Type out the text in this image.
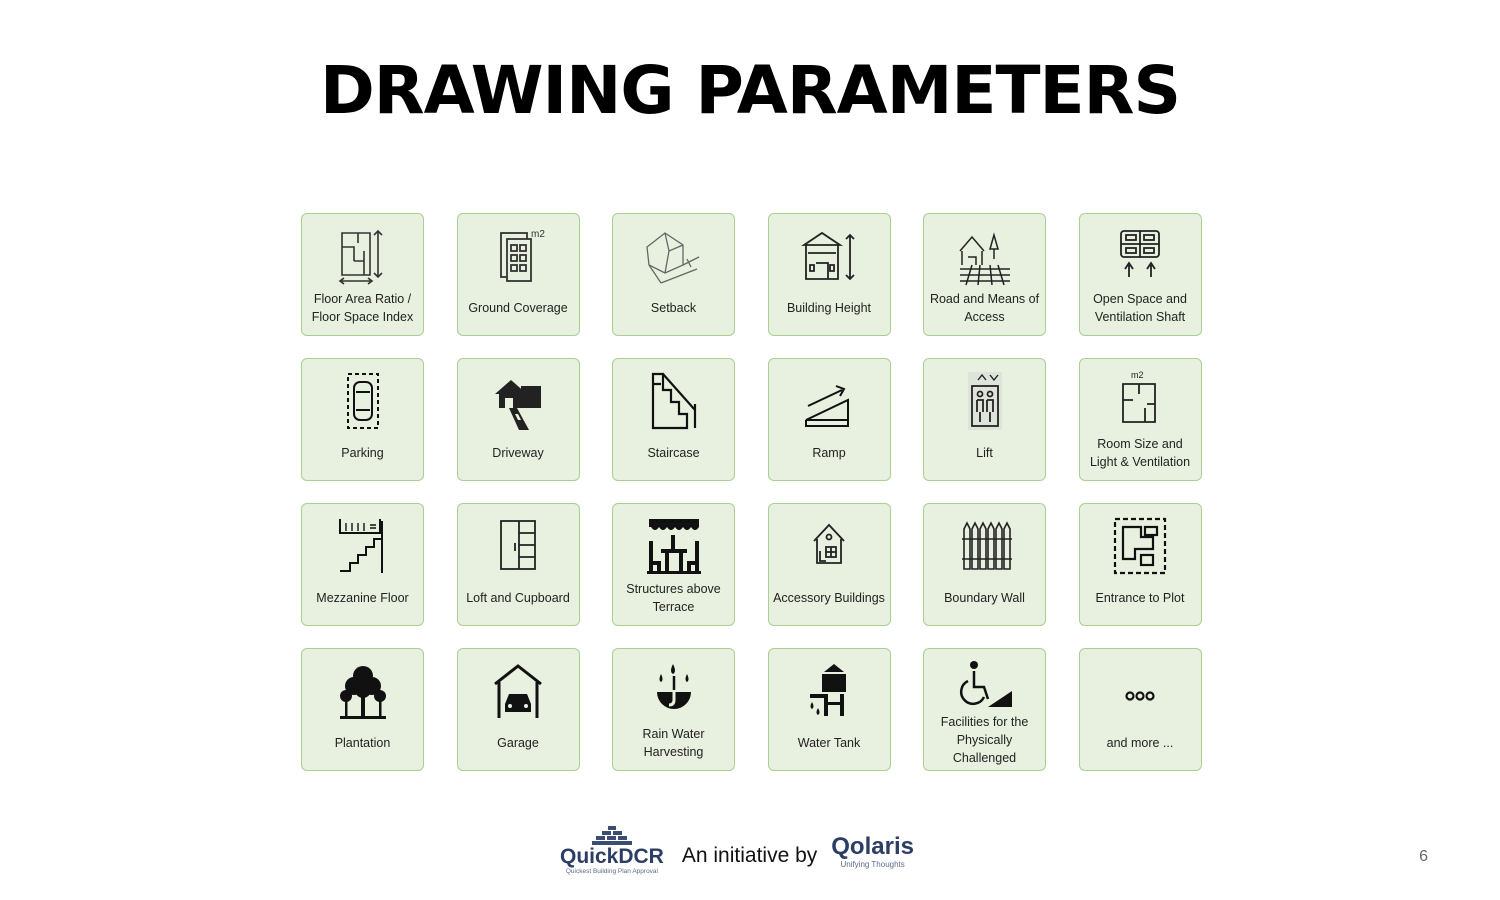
DRAWING PARAMETERS
Floor Area Ratio / Floor Space Index
m2
Ground Coverage	Setback	Building Height
Road and Means of Access
Open Space and Ventilation Shaft
Parking	Driveway	Staircase	Ramp	Lift
m2
Room Size and Light & Ventilation
Mezzanine Floor	Loft and Cupboard
Structures above Terrace
Accessory Buildings	Boundary Wall	Entrance to Plot
Plantation	Garage
Rain Water Harvesting
Water Tank
Facilities for the Physically Challenged
and more ...
QuickDCR
Quickest Building Plan Approval
An initiative by Qolaris
Unifying Thoughts	6
